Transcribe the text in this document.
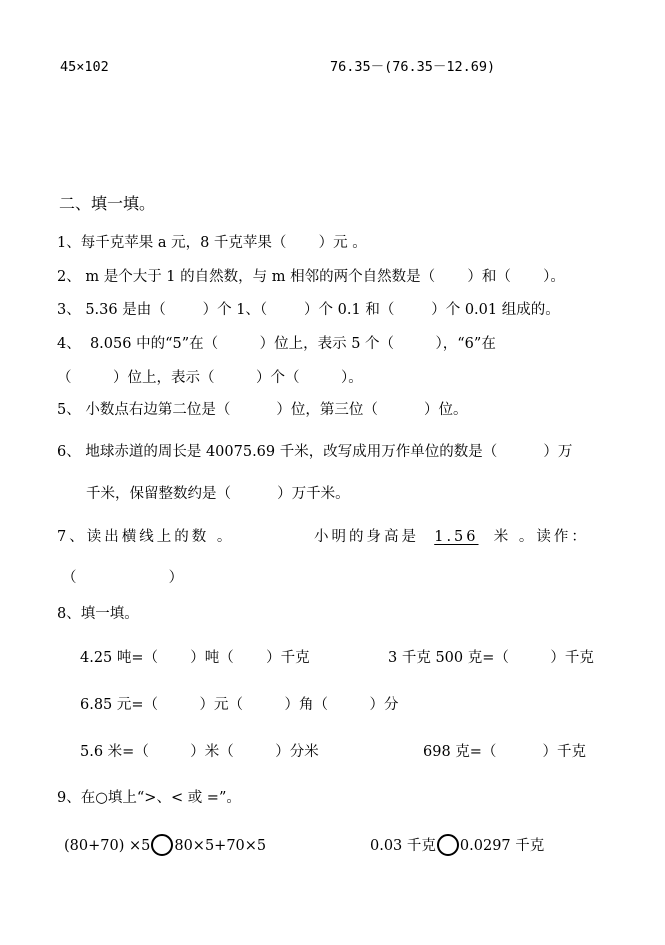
45×102	76.35－(76.35－12.69)
二、填一填。
1、每千克苹果 a 元，8 千克苹果（       ）元 。
2、 m 是个大于 1 的自然数，与 m 相邻的两个自然数是（       ）和（       ）。
3、 5.36 是由（        ）个 1、（        ）个 0.1 和（        ）个 0.01 组成的。
4、  8.056 中的“5”在（         ）位上，表示 5 个（         ），“6”在
（         ）位上，表示（         ）个（         ）。
5、 小数点右边第二位是（          ）位，第三位（          ）位。
6、 地球赤道的周长是 40075.69 千米，改写成用万作单位的数是（          ）万
千米，保留整数约是（          ）万千米。
7、读出横线上的数 。	小明的身高是 1.56 米 。读作：
（                    ）
8、填一填。
4.25 吨=（       ）吨（       ）千克	3 千克 500 克=（         ）千克
6.85 元=（         ）元（         ）角（         ）分
5.6 米=（         ）米（         ）分米	698 克=（          ）千克
9、在○填上“>、< 或 =”。
(80+70) ×5 80×5+70×5	0.03 千克 0.0297 千克
